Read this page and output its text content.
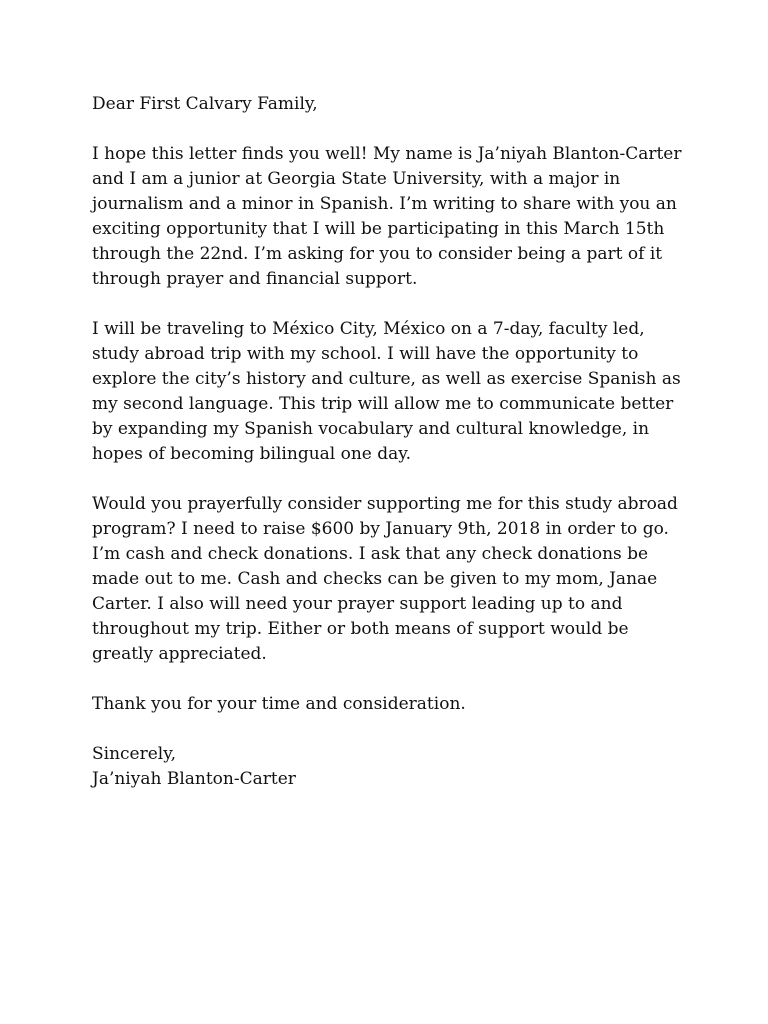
Dear First Calvary Family,
I hope this letter finds you well! My name is Ja’niyah Blanton-Carter
and I am a junior at Georgia State University, with a major in
journalism and a minor in Spanish. I’m writing to share with you an
exciting opportunity that I will be participating in this March 15th
through the 22nd. I’m asking for you to consider being a part of it
through prayer and financial support.
I will be traveling to México City, México on a 7-day, faculty led,
study abroad trip with my school. I will have the opportunity to
explore the city’s history and culture, as well as exercise Spanish as
my second language. This trip will allow me to communicate better
by expanding my Spanish vocabulary and cultural knowledge, in
hopes of becoming bilingual one day.
Would you prayerfully consider supporting me for this study abroad
program? I need to raise $600 by January 9th, 2018 in order to go.
I’m cash and check donations. I ask that any check donations be
made out to me. Cash and checks can be given to my mom, Janae
Carter. I also will need your prayer support leading up to and
throughout my trip. Either or both means of support would be
greatly appreciated.
Thank you for your time and consideration.
Sincerely,
Ja’niyah Blanton-Carter
